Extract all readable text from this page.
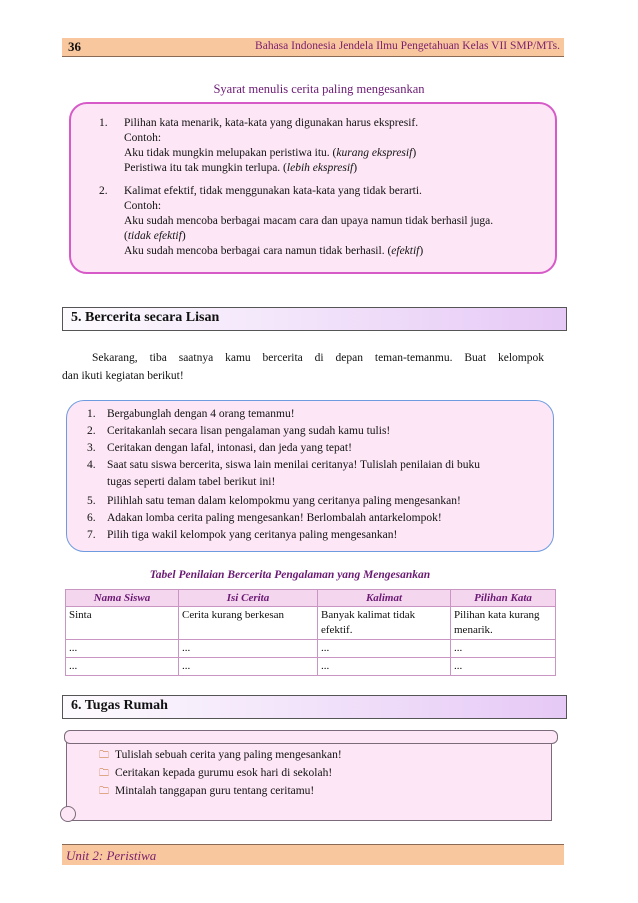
36	Bahasa Indonesia Jendela Ilmu Pengetahuan Kelas VII SMP/MTs.
Syarat menulis cerita paling mengesankan
1.	Pilihan kata menarik, kata-kata yang digunakan harus ekspresif.
Contoh:
Aku tidak mungkin melupakan peristiwa itu. (kurang ekspresif)
Peristiwa itu tak mungkin terlupa. (lebih ekspresif)
2.	Kalimat efektif, tidak menggunakan kata-kata yang tidak berarti.
Contoh:
Aku sudah mencoba berbagai macam cara dan upaya namun tidak berhasil juga.
(tidak efektif)
Aku sudah mencoba berbagai cara namun tidak berhasil. (efektif)
5. Bercerita secara Lisan
Sekarang, tiba saatnya kamu bercerita di depan teman-temanmu. Buat kelompok
dan ikuti kegiatan berikut!
1. Bergabunglah dengan 4 orang temanmu!
2. Ceritakanlah secara lisan pengalaman yang sudah kamu tulis!
3. Ceritakan dengan lafal, intonasi, dan jeda yang tepat!
4. Saat satu siswa bercerita, siswa lain menilai ceritanya! Tulislah penilaian di buku
tugas seperti dalam tabel berikut ini!
5. Pilihlah satu teman dalam kelompokmu yang ceritanya paling mengesankan!
6. Adakan lomba cerita paling mengesankan! Berlombalah antarkelompok!
7. Pilih tiga wakil kelompok yang ceritanya paling mengesankan!
Tabel Penilaian Bercerita Pengalaman yang Mengesankan
Nama Siswa	Isi Cerita	Kalimat	Pilihan Kata
Sinta	Cerita kurang berkesan	Banyak kalimat tidak efektif.	Pilihan kata kurang menarik.
...	...	...	...
...	...	...	...
6. Tugas Rumah
🗀 Tulislah sebuah cerita yang paling mengesankan!
🗀 Ceritakan kepada gurumu esok hari di sekolah!
🗀 Mintalah tanggapan guru tentang ceritamu!
Unit 2: Peristiwa
